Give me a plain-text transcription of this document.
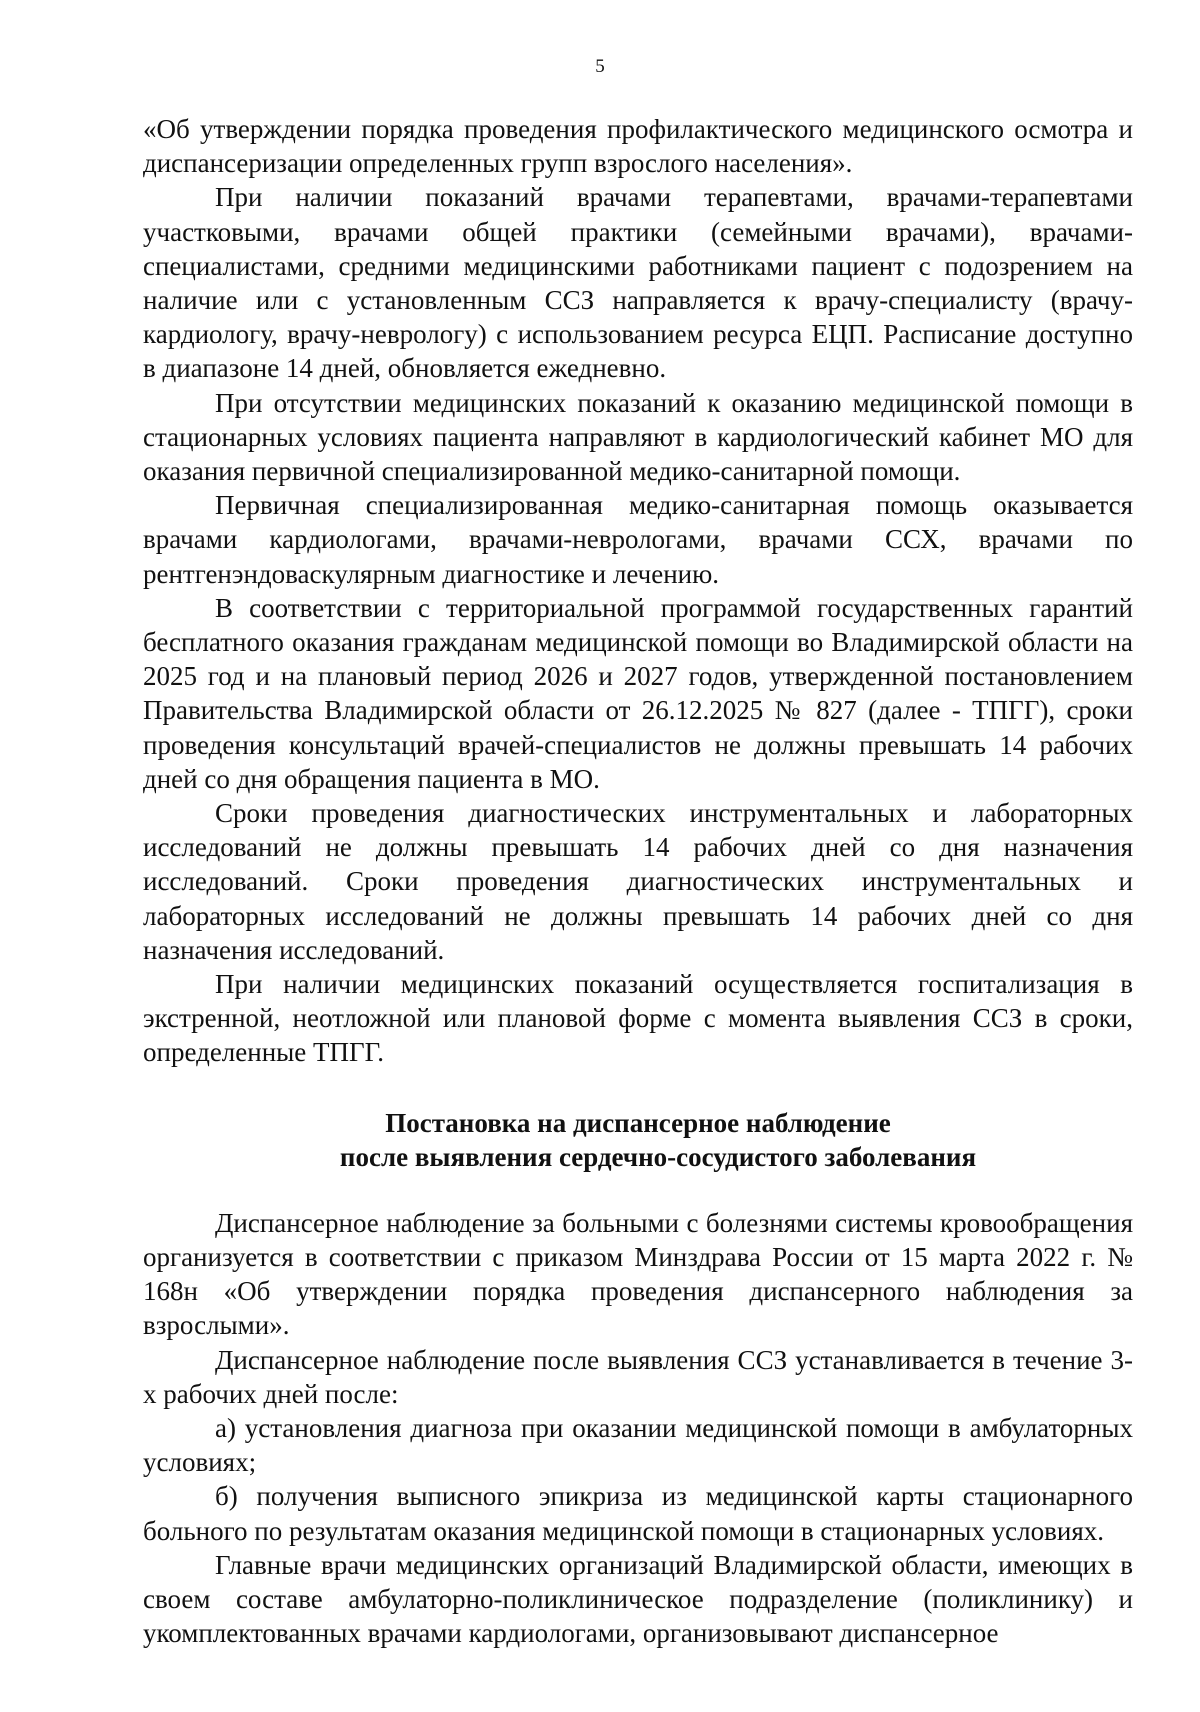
5

«Об утверждении порядка проведения профилактического медицинского осмотра и диспансеризации определенных групп взрослого населения».

При наличии показаний врачами терапевтами, врачами-терапевтами участковыми, врачами общей практики (семейными врачами), врачами-специалистами, средними медицинскими работниками пациент с подозрением на наличие или с установленным ССЗ направляется к врачу-специалисту (врачу-кардиологу, врачу-неврологу) с использованием ресурса ЕЦП. Расписание доступно в диапазоне 14 дней, обновляется ежедневно.

При отсутствии медицинских показаний к оказанию медицинской помощи в стационарных условиях пациента направляют в кардиологический кабинет МО для оказания первичной специализированной медико-санитарной помощи.

Первичная специализированная медико-санитарная помощь оказывается врачами кардиологами, врачами-неврологами, врачами ССХ, врачами по рентгенэндоваскулярным диагностике и лечению.

В соответствии с территориальной программой государственных гарантий бесплатного оказания гражданам медицинской помощи во Владимирской области на 2025 год и на плановый период 2026 и 2027 годов, утвержденной постановлением Правительства Владимирской области от 26.12.2025 № 827 (далее - ТПГГ), сроки проведения консультаций врачей-специалистов не должны превышать 14 рабочих дней со дня обращения пациента в МО.

Сроки проведения диагностических инструментальных и лабораторных исследований не должны превышать 14 рабочих дней со дня назначения исследований. Сроки проведения диагностических инструментальных и лабораторных исследований не должны превышать 14 рабочих дней со дня назначения исследований.

При наличии медицинских показаний осуществляется госпитализация в экстренной, неотложной или плановой форме с момента выявления ССЗ в сроки, определенные ТПГГ.

Постановка на диспансерное наблюдение
после выявления сердечно-сосудистого заболевания

Диспансерное наблюдение за больными с болезнями системы кровообращения организуется в соответствии с приказом Минздрава России от 15 марта 2022 г. № 168н «Об утверждении порядка проведения диспансерного наблюдения за взрослыми».

Диспансерное наблюдение после выявления ССЗ устанавливается в течение 3-х рабочих дней после:

а) установления диагноза при оказании медицинской помощи в амбулаторных условиях;

б) получения выписного эпикриза из медицинской карты стационарного больного по результатам оказания медицинской помощи в стационарных условиях.

Главные врачи медицинских организаций Владимирской области, имеющих в своем составе амбулаторно-поликлиническое подразделение (поликлинику) и укомплектованных врачами кардиологами, организовывают диспансерное
